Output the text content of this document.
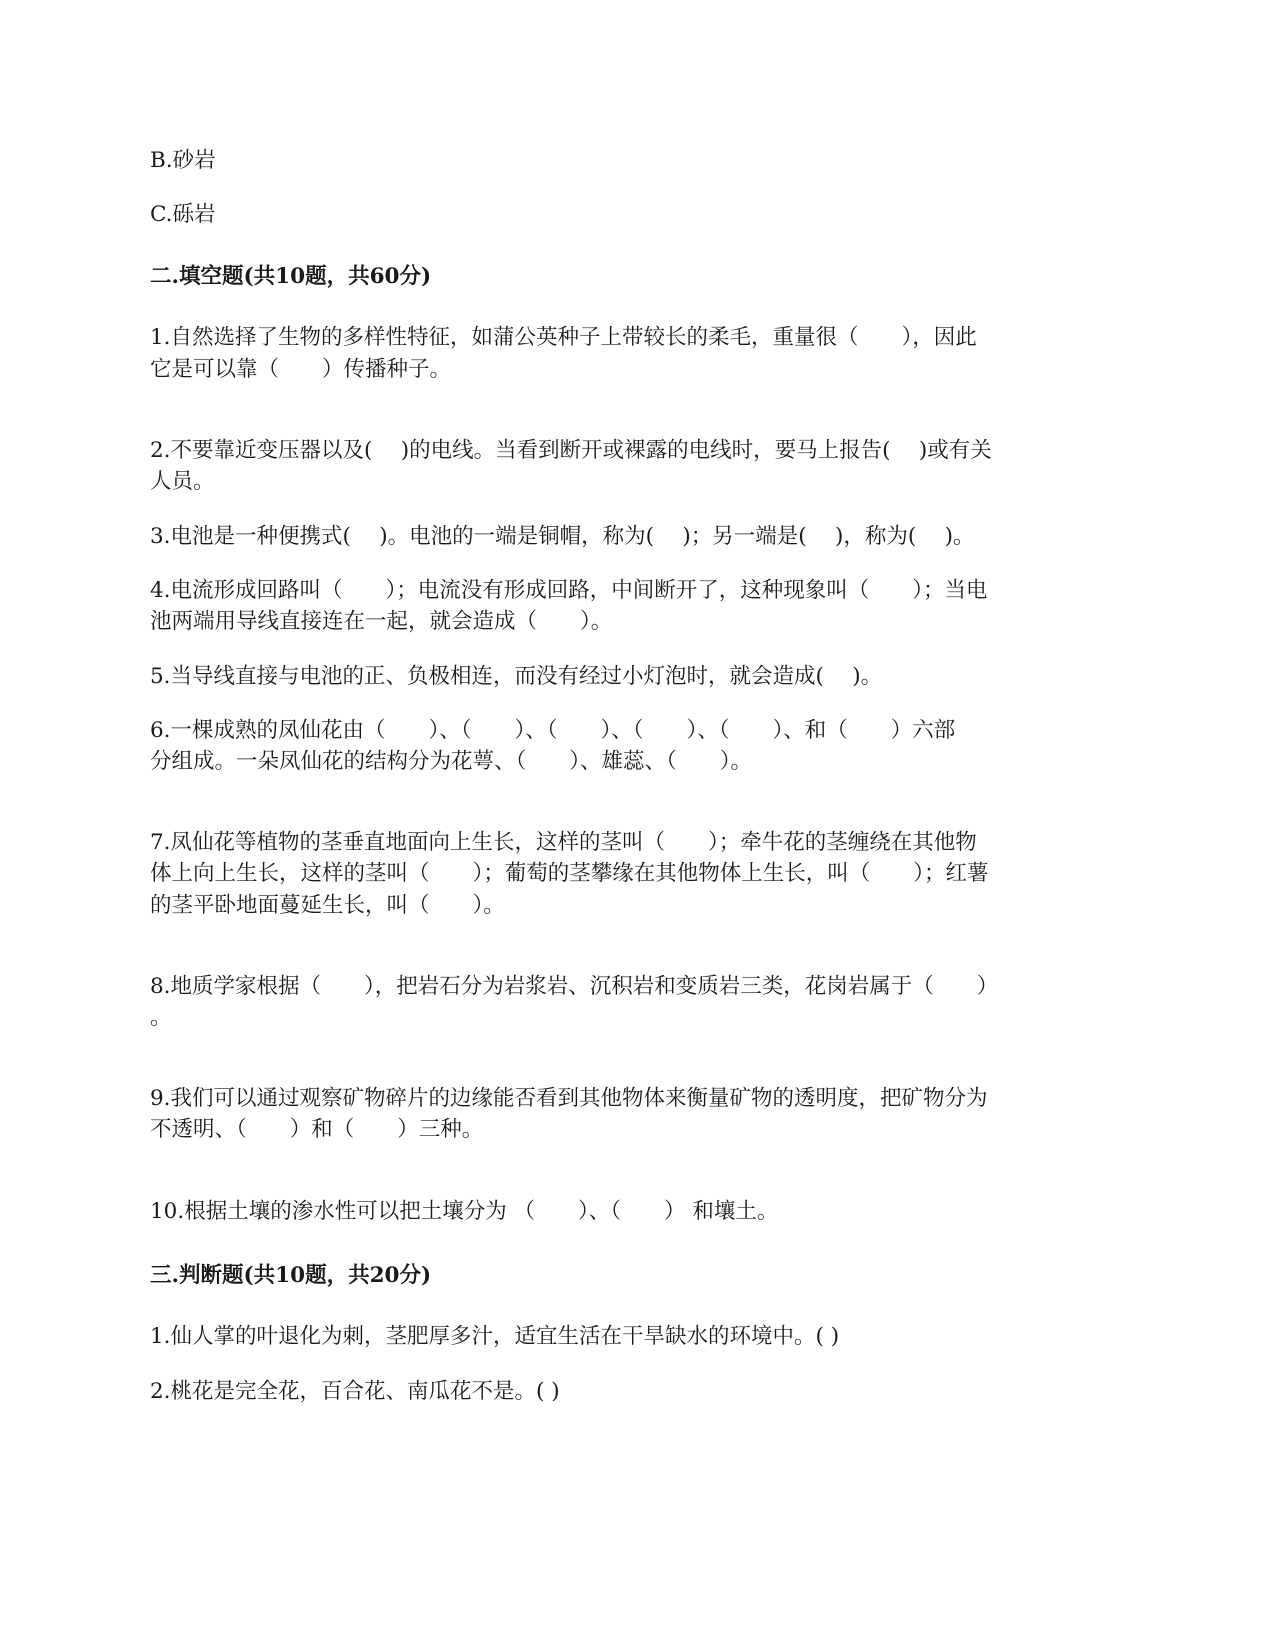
B.砂岩
C.砾岩
二.填空题(共10题，共60分)
1.自然选择了生物的多样性特征，如蒲公英种子上带较长的柔毛，重量很（　　），因此
它是可以靠（　　）传播种子。
2.不要靠近变压器以及(　 )的电线。当看到断开或裸露的电线时，要马上报告(　 )或有关
人员。
3.电池是一种便携式(　 )。电池的一端是铜帽，称为(　 )；另一端是(　 )，称为(　 )。
4.电流形成回路叫（　　）；电流没有形成回路，中间断开了，这种现象叫（　　）；当电
池两端用导线直接连在一起，就会造成（　　）。
5.当导线直接与电池的正、负极相连，而没有经过小灯泡时，就会造成(　 )。
6.一棵成熟的凤仙花由（　　）、（　　）、（　　）、（　　）、（　　）、和（　　）六部
分组成。一朵凤仙花的结构分为花萼、（　　）、雄蕊、（　　）。
7.凤仙花等植物的茎垂直地面向上生长，这样的茎叫（　　）；牵牛花的茎缠绕在其他物
体上向上生长，这样的茎叫（　　）；葡萄的茎攀缘在其他物体上生长，叫（　　）；红薯
的茎平卧地面蔓延生长，叫（　　）。
8.地质学家根据（　　），把岩石分为岩浆岩、沉积岩和变质岩三类，花岗岩属于（　　）
。
9.我们可以通过观察矿物碎片的边缘能否看到其他物体来衡量矿物的透明度，把矿物分为
不透明、（　　）和（　　）三种。
10.根据土壤的渗水性可以把土壤分为 （　　）、（　　） 和壤土。
三.判断题(共10题，共20分)
1.仙人掌的叶退化为刺，茎肥厚多汁，适宜生活在干旱缺水的环境中。( )
2.桃花是完全花，百合花、南瓜花不是。( )
